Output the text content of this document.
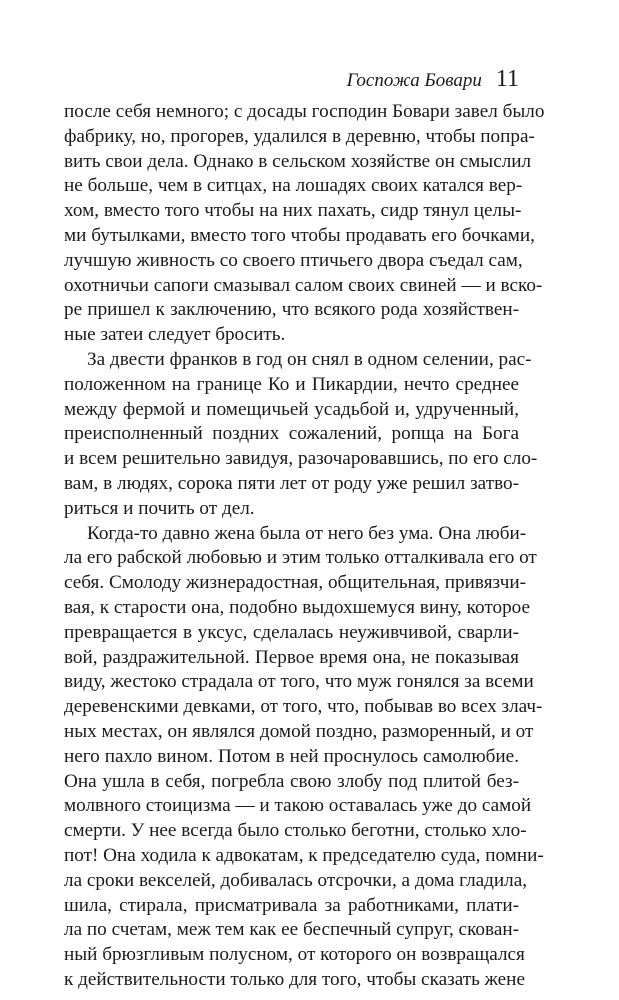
Госпожа Бовари 11
после себя немного; с досады господин Бовари завел было
фабрику, но, прогорев, удалился в деревню, чтобы попра-
вить свои дела. Однако в сельском хозяйстве он смыслил
не больше, чем в ситцах, на лошадях своих катался вер-
хом, вместо того чтобы на них пахать, сидр тянул целы-
ми бутылками, вместо того чтобы продавать его бочками,
лучшую живность со своего птичьего двора съедал сам,
охотничьи сапоги смазывал салом своих свиней — и вско-
ре пришел к заключению, что всякого рода хозяйствен-
ные затеи следует бросить.
За двести франков в год он снял в одном селении, рас-
положенном на границе Ко и Пикардии, нечто среднее
между фермой и помещичьей усадьбой и, удрученный,
преисполненный поздних сожалений, ропща на Бога
и всем решительно завидуя, разочаровавшись, по его сло-
вам, в людях, сорока пяти лет от роду уже решил затво-
риться и почить от дел.
Когда-то давно жена была от него без ума. Она люби-
ла его рабской любовью и этим только отталкивала его от
себя. Смолоду жизнерадостная, общительная, привязчи-
вая, к старости она, подобно выдохшемуся вину, которое
превращается в уксус, сделалась неуживчивой, сварли-
вой, раздражительной. Первое время она, не показывая
виду, жестоко страдала от того, что муж гонялся за всеми
деревенскими девками, от того, что, побывав во всех злач-
ных местах, он являлся домой поздно, разморенный, и от
него пахло вином. Потом в ней проснулось самолюбие.
Она ушла в себя, погребла свою злобу под плитой без-
молвного стоицизма — и такою оставалась уже до самой
смерти. У нее всегда было столько беготни, столько хло-
пот! Она ходила к адвокатам, к председателю суда, помни-
ла сроки векселей, добивалась отсрочки, а дома гладила,
шила, стирала, присматривала за работниками, плати-
ла по счетам, меж тем как ее беспечный супруг, скован-
ный брюзгливым полусном, от которого он возвращался
к действительности только для того, чтобы сказать жене
